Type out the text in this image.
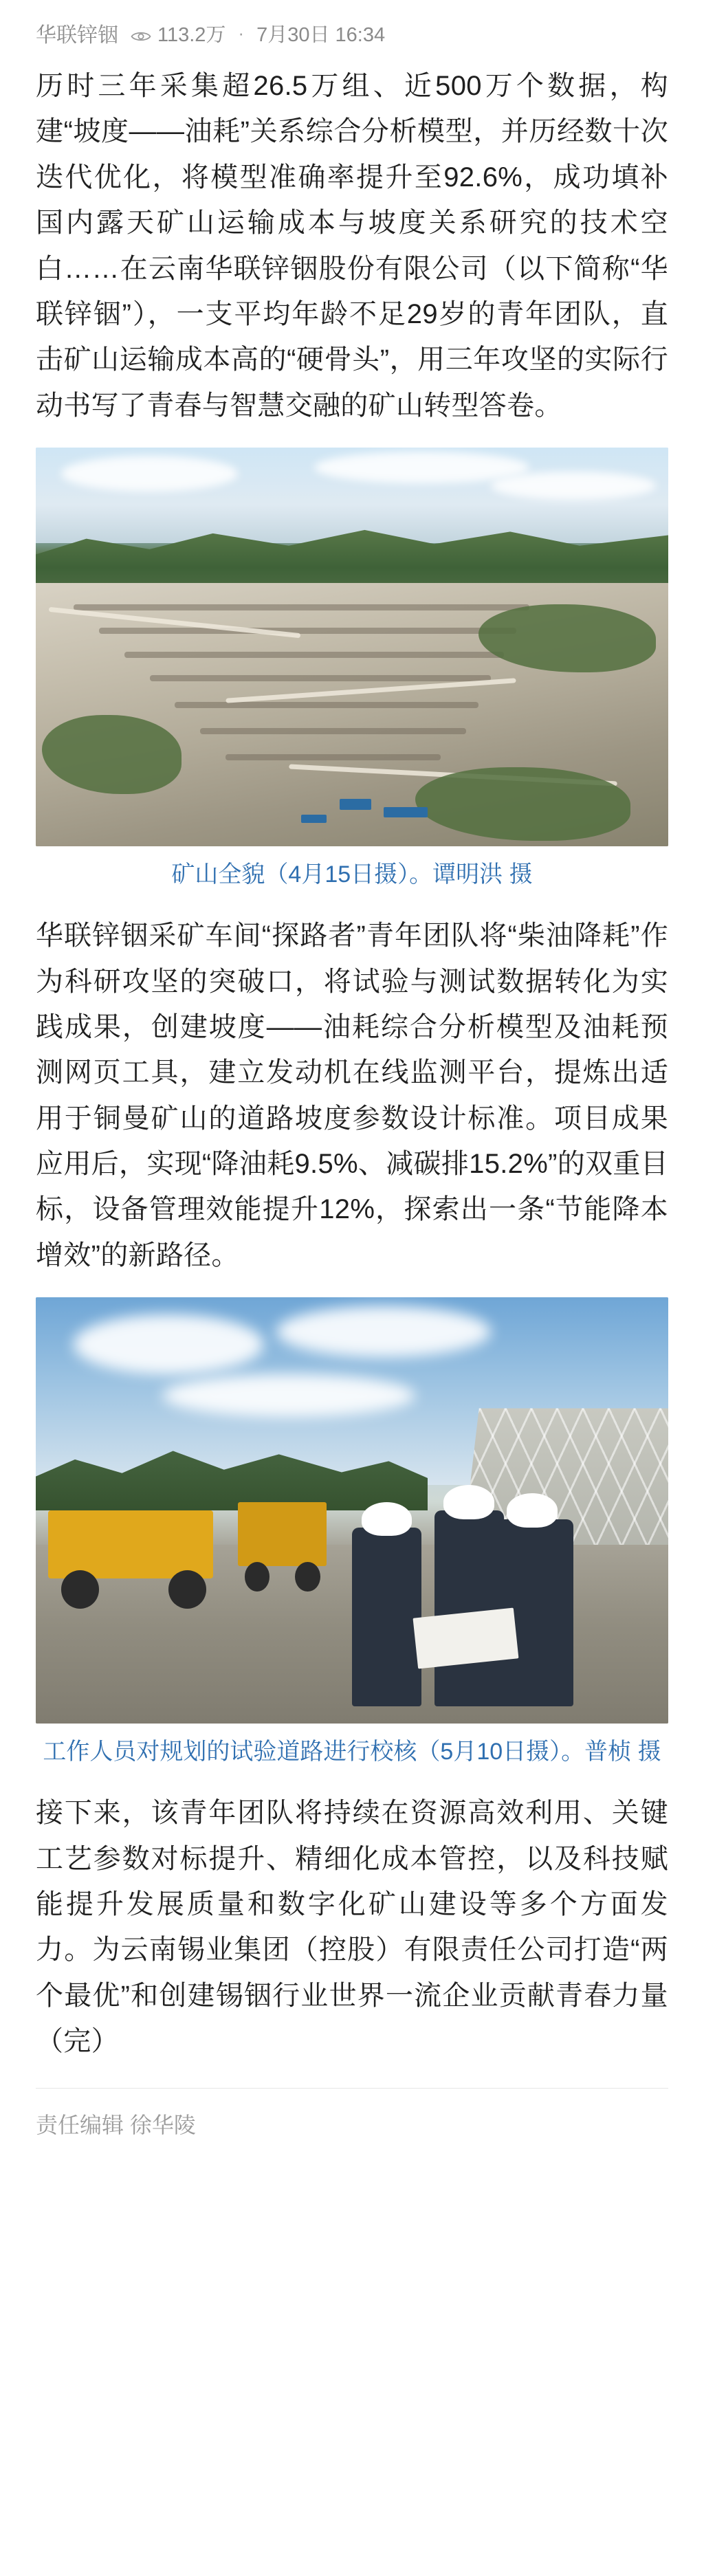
华联锌铟 113.2万 · 7月30日 16:34

历时三年采集超26.5万组、近500万个数据，构建“坡度——油耗”关系综合分析模型，并历经数十次迭代优化，将模型准确率提升至92.6%，成功填补国内露天矿山运输成本与坡度关系研究的技术空白……在云南华联锌铟股份有限公司（以下简称“华联锌铟”），一支平均年龄不足29岁的青年团队，直击矿山运输成本高的“硬骨头”，用三年攻坚的实际行动书写了青春与智慧交融的矿山转型答卷。

矿山全貌（4月15日摄）。谭明洪 摄

华联锌铟采矿车间“探路者”青年团队将“柴油降耗”作为科研攻坚的突破口，将试验与测试数据转化为实践成果，创建坡度——油耗综合分析模型及油耗预测网页工具，建立发动机在线监测平台，提炼出适用于铜曼矿山的道路坡度参数设计标准。项目成果应用后，实现“降油耗9.5%、减碳排15.2%”的双重目标，设备管理效能提升12%，探索出一条“节能降本增效”的新路径。

工作人员对规划的试验道路进行校核（5月10日摄）。普桢 摄

接下来，该青年团队将持续在资源高效利用、关键工艺参数对标提升、精细化成本管控，以及科技赋能提升发展质量和数字化矿山建设等多个方面发力。为云南锡业集团（控股）有限责任公司打造“两个最优”和创建锡铟行业世界一流企业贡献青春力量（完）

责任编辑 徐华陵
